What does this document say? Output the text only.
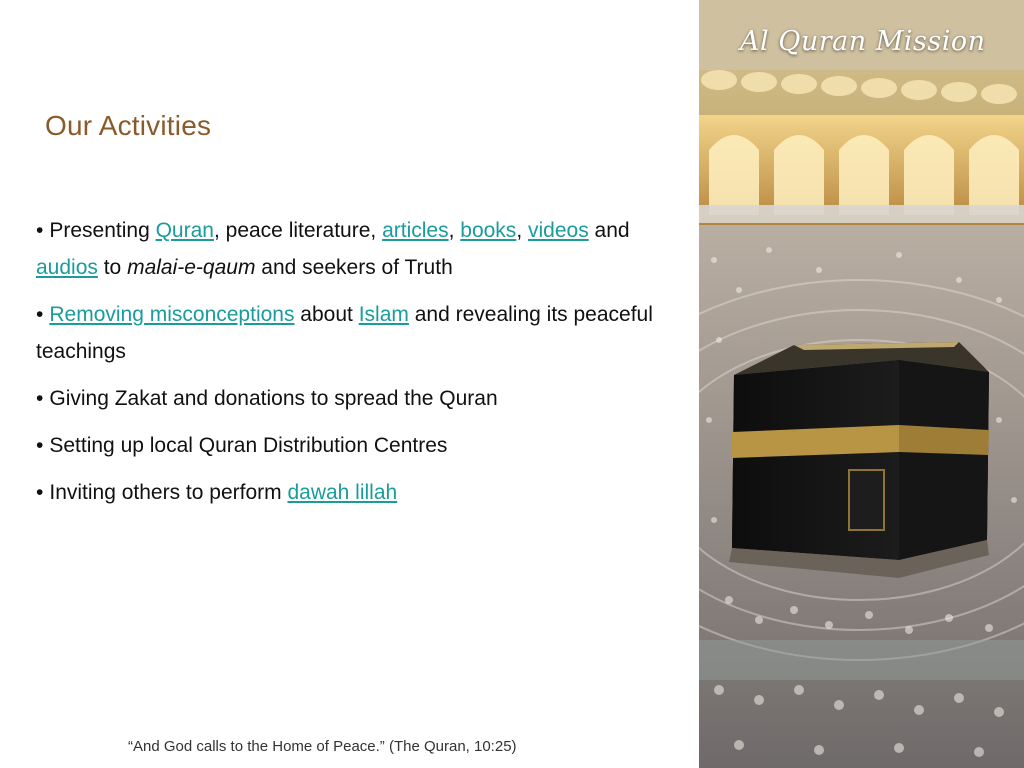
Our Activities
• Presenting Quran, peace literature, articles, books, videos and audios to malai-e-qaum and seekers of Truth
• Removing misconceptions about Islam and revealing its peaceful teachings
• Giving Zakat and donations to spread the Quran
• Setting up local Quran Distribution Centres
• Inviting others to perform dawah lillah
“And God calls to the Home of Peace.” (The Quran, 10:25)
Al Quran Mission
